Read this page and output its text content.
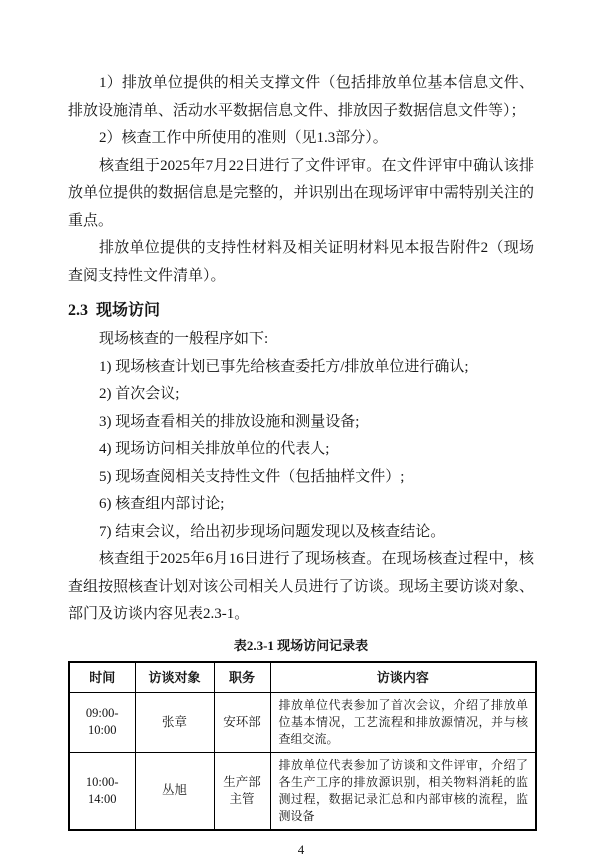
1）排放单位提供的相关支撑文件（包括排放单位基本信息文件、排放设施清单、活动水平数据信息文件、排放因子数据信息文件等）；

2）核查工作中所使用的准则（见1.3部分）。

核查组于2025年7月22日进行了文件评审。在文件评审中确认该排放单位提供的数据信息是完整的，并识别出在现场评审中需特别关注的重点。

排放单位提供的支持性材料及相关证明材料见本报告附件2（现场查阅支持性文件清单）。

2.3  现场访问

现场核查的一般程序如下:

1) 现场核查计划已事先给核查委托方/排放单位进行确认;

2) 首次会议;

3) 现场查看相关的排放设施和测量设备;

4) 现场访问相关排放单位的代表人;

5) 现场查阅相关支持性文件（包括抽样文件）;

6) 核查组内部讨论;

7) 结束会议，给出初步现场问题发现以及核查结论。

核查组于2025年6月16日进行了现场核查。在现场核查过程中，核查组按照核查计划对该公司相关人员进行了访谈。现场主要访谈对象、部门及访谈内容见表2.3-1。

表2.3-1 现场访问记录表
时间	访谈对象	职务	访谈内容
09:00-10:00	张章	安环部	排放单位代表参加了首次会议，介绍了排放单位基本情况，工艺流程和排放源情况，并与核查组交流。
10:00-14:00	丛旭	生产部主管	排放单位代表参加了访谈和文件评审，介绍了各生产工序的排放源识别，相关物料消耗的监测过程，数据记录汇总和内部审核的流程，监测设备
4
